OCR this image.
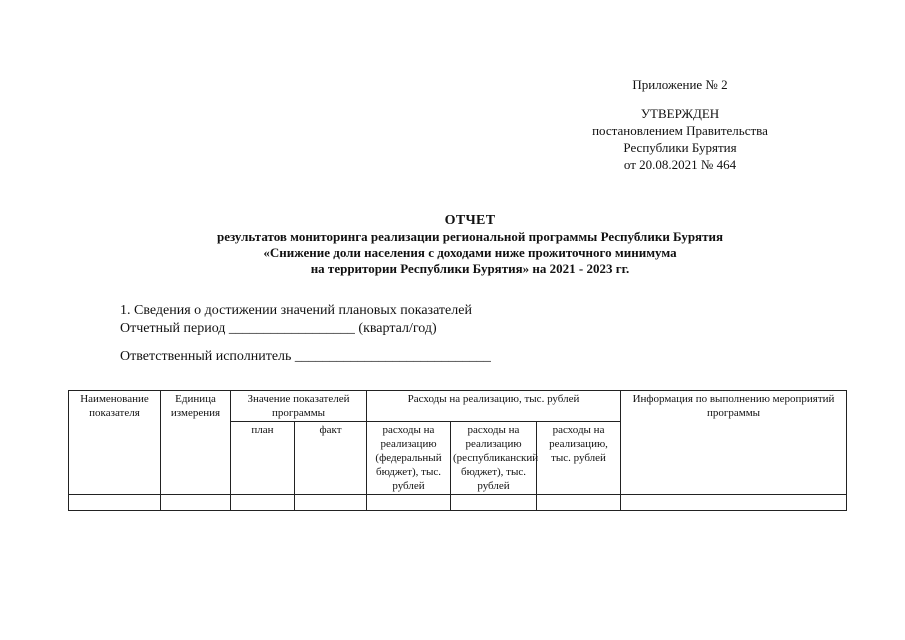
Приложение № 2
УТВЕРЖДЕН
постановлением Правительства
Республики Бурятия
от 20.08.2021 № 464
ОТЧЕТ
результатов мониторинга реализации региональной программы Республики Бурятия
«Снижение доли населения с доходами ниже прожиточного минимума
на территории Республики Бурятия» на 2021 - 2023 гг.
1. Сведения о достижении значений плановых показателей
Отчетный период __________________ (квартал/год)
Ответственный исполнитель ____________________________
Наименование показателя	Единица измерения	Значение показателей программы		Расходы на реализацию, тыс. рублей			Информация по выполнению мероприятий программы
		план	факт	расходы на реализацию (федеральный бюджет), тыс. рублей	расходы на реализацию (республиканский бюджет), тыс. рублей	расходы на реализацию, тыс. рублей	
